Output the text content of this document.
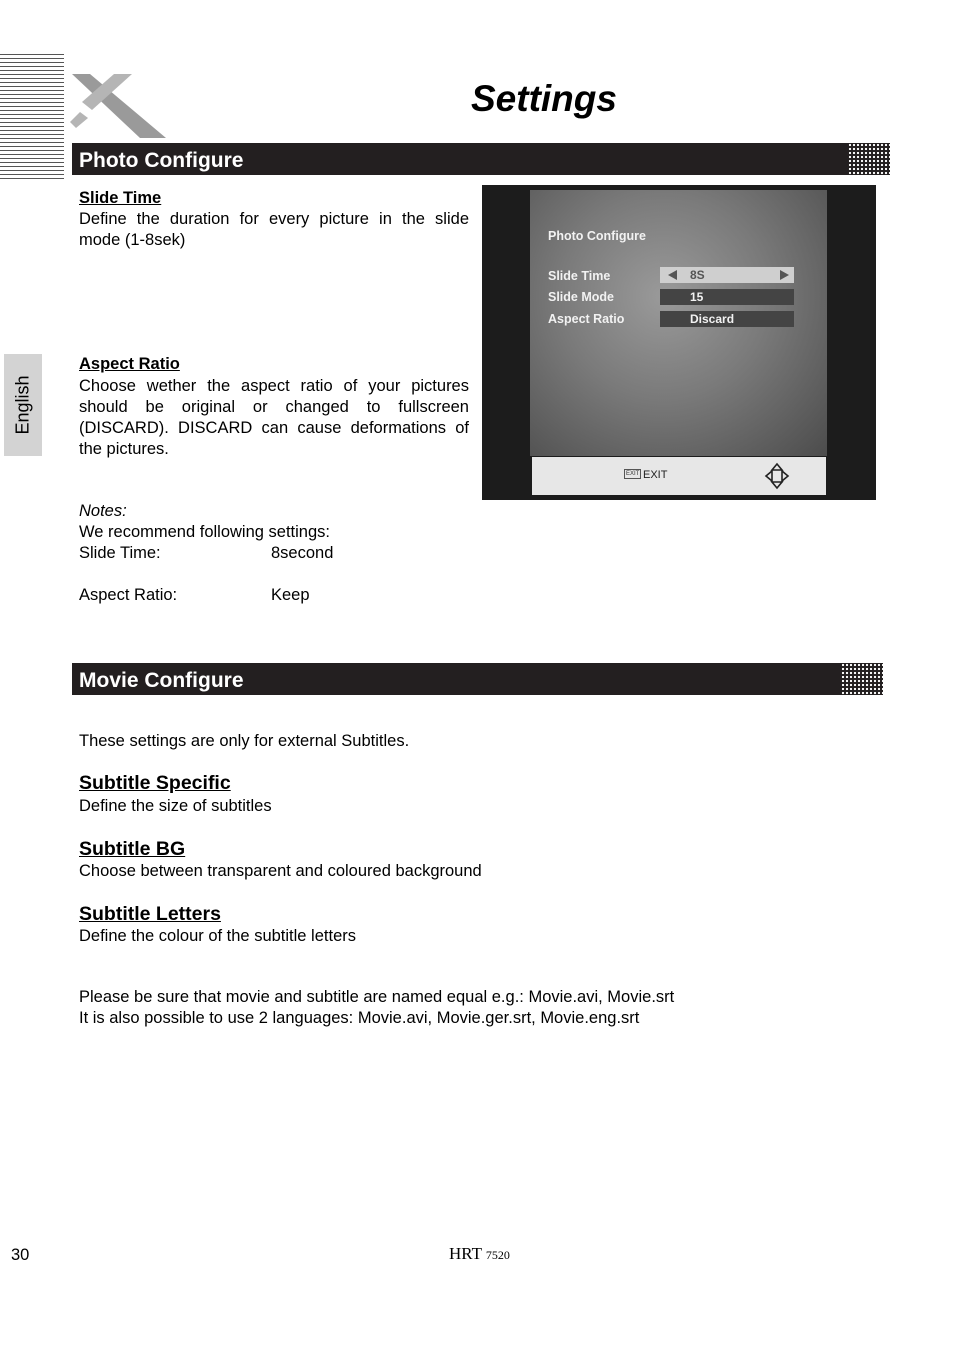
Settings
English
Photo Configure
Slide Time
Define the duration for every picture in the slide mode (1-8sek)
Aspect Ratio
Choose wether the aspect ratio of your pictures should be original or changed to fullscreen (DISCARD). DISCARD can cause deformations of the pictures.
Notes:
We recommend following settings:
Slide Time:	8second
Aspect Ratio:	Keep
Photo Configure
Slide Time	8S
Slide Mode	15
Aspect Ratio	Discard
EXIT EXIT
Movie Configure
These settings are only for external Subtitles.
Subtitle Specific
Define the size of subtitles
Subtitle BG
Choose between transparent and coloured background
Subtitle Letters
Define the colour of the subtitle letters
Please be sure that movie and subtitle are named equal e.g.: Movie.avi, Movie.srt
It is also possible to use 2 languages: Movie.avi, Movie.ger.srt, Movie.eng.srt
30	HRT 7520
